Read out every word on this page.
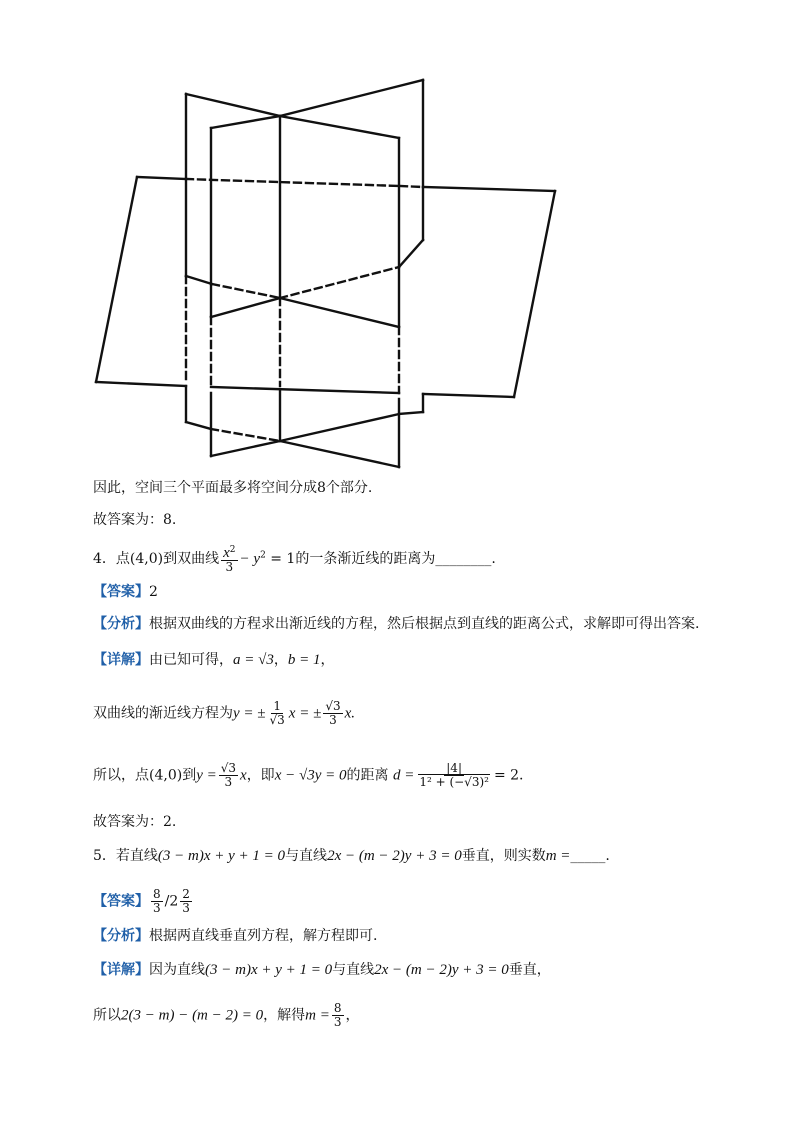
因此，空间三个平面最多将空间分成8个部分.
故答案为：8.
4．点(4,0)到双曲线 $\frac{x^2}{3} - y^2 = 1$的一条渐近线的距离为________.
【答案】2
【分析】根据双曲线的方程求出渐近线的方程，然后根据点到直线的距离公式，求解即可得出答案.
【详解】由已知可得，a = √3，b = 1，
双曲线的渐近线方程为y = ± $\frac{1}{√3}$ x = ± $\frac{√3}{3} x$.
所以，点(4,0)到$y = \frac{√3}{3}$ x，即x − √3y = 0的距离 $d = \frac{|4|}{\text{1² + (−√3)²}} = 2$.
故答案为：2.
5．若直线(3 − m)x + y + 1 = 0与直线2x − (m − 2)y + 3 = 0垂直，则实数m =_____.
【答案】 $\frac{8}{3} /2 \frac{2}{3}$
【分析】根据两直线垂直列方程，解方程即可.
【详解】因为直线(3 − m)x + y + 1 = 0与直线2x − (m − 2)y + 3 = 0垂直，
所以2(3 − m) − (m − 2) = 0，解得$m = \frac{8}{3}$ ，
